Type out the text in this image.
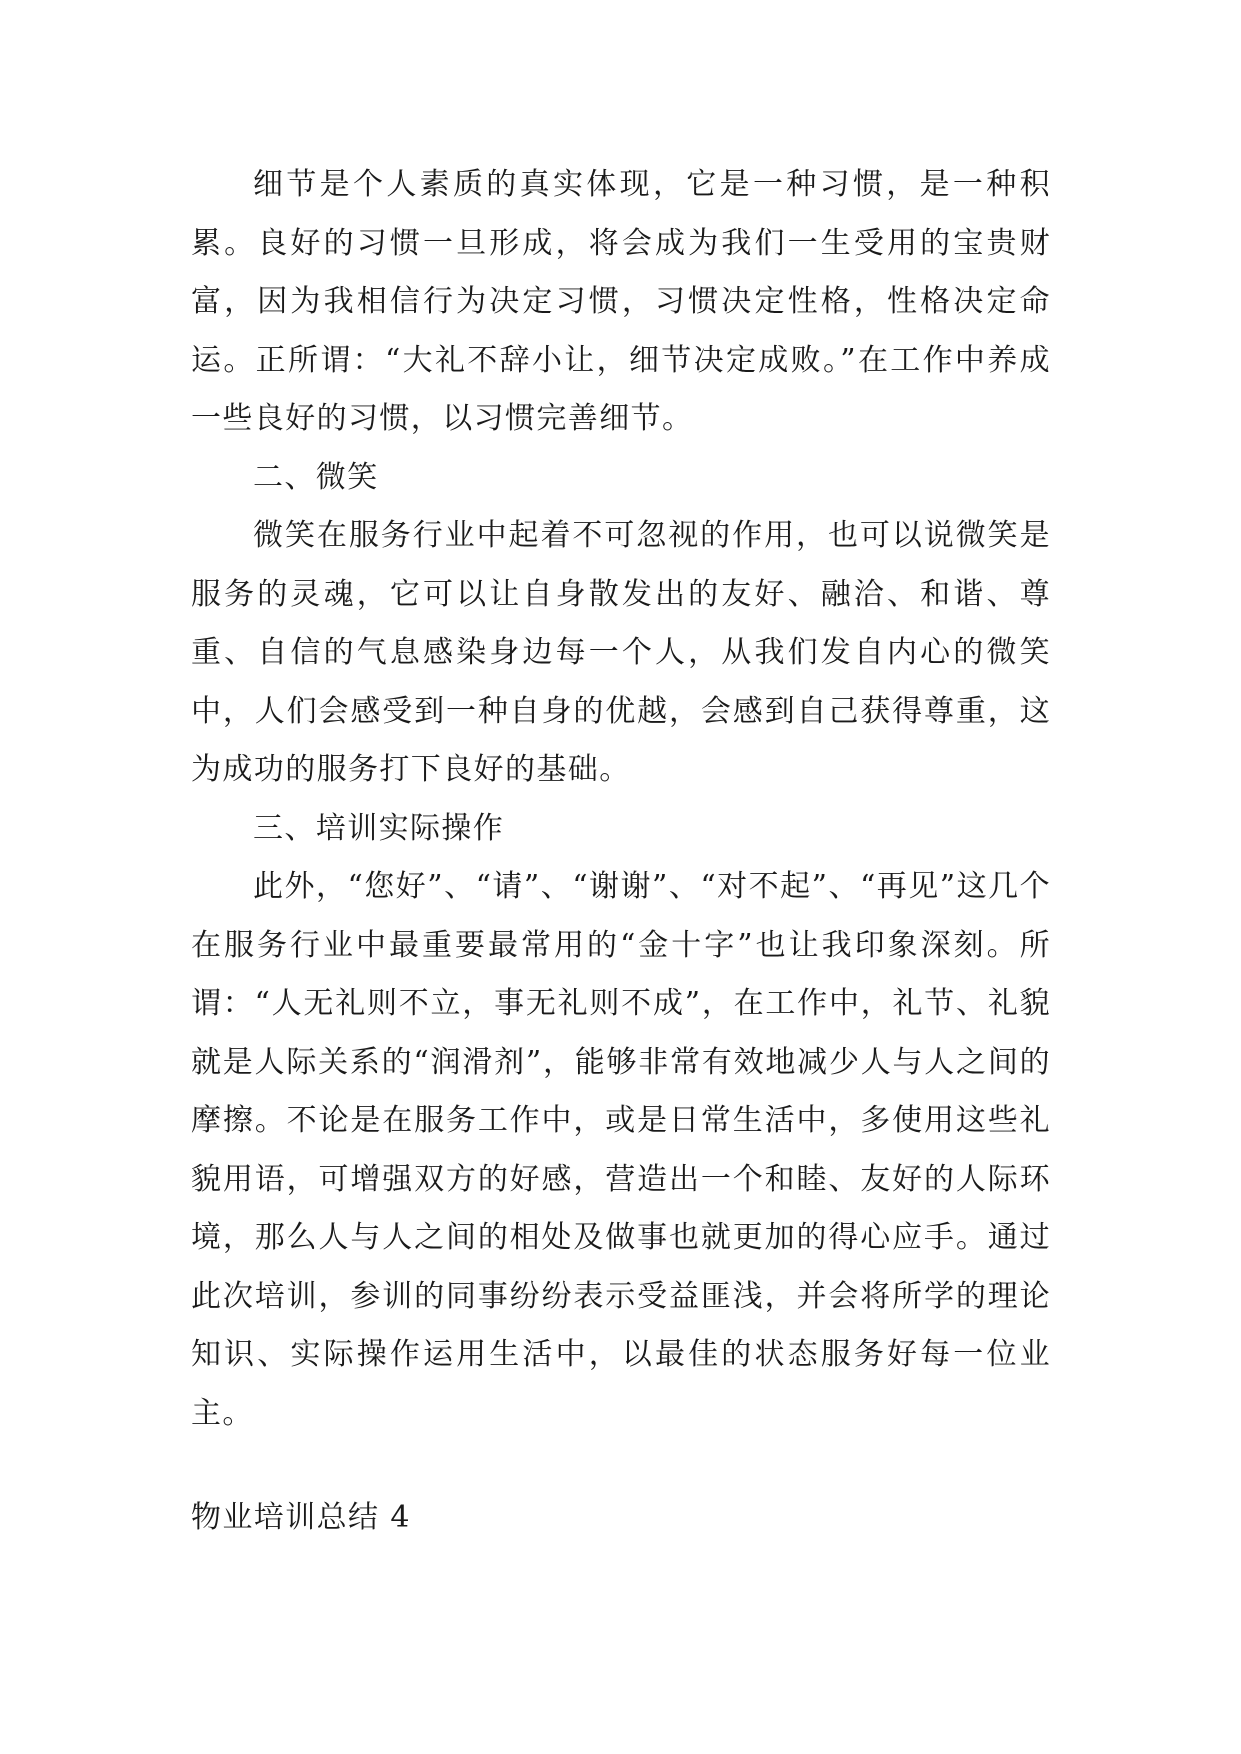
细节是个人素质的真实体现，它是一种习惯，是一种积累。良好的习惯一旦形成，将会成为我们一生受用的宝贵财富，因为我相信行为决定习惯，习惯决定性格，性格决定命运。正所谓：“大礼不辞小让，细节决定成败。”在工作中养成一些良好的习惯，以习惯完善细节。

二、微笑

微笑在服务行业中起着不可忽视的作用，也可以说微笑是服务的灵魂，它可以让自身散发出的友好、融洽、和谐、尊重、自信的气息感染身边每一个人，从我们发自内心的微笑中，人们会感受到一种自身的优越，会感到自己获得尊重，这为成功的服务打下良好的基础。

三、培训实际操作

此外，“您好”、“请”、“谢谢”、“对不起”、“再见”这几个在服务行业中最重要最常用的“金十字”也让我印象深刻。所谓：“人无礼则不立，事无礼则不成”，在工作中，礼节、礼貌就是人际关系的“润滑剂”，能够非常有效地减少人与人之间的摩擦。不论是在服务工作中，或是日常生活中，多使用这些礼貌用语，可增强双方的好感，营造出一个和睦、友好的人际环境，那么人与人之间的相处及做事也就更加的得心应手。通过此次培训，参训的同事纷纷表示受益匪浅，并会将所学的理论知识、实际操作运用生活中，以最佳的状态服务好每一位业主。

物业培训总结 4
